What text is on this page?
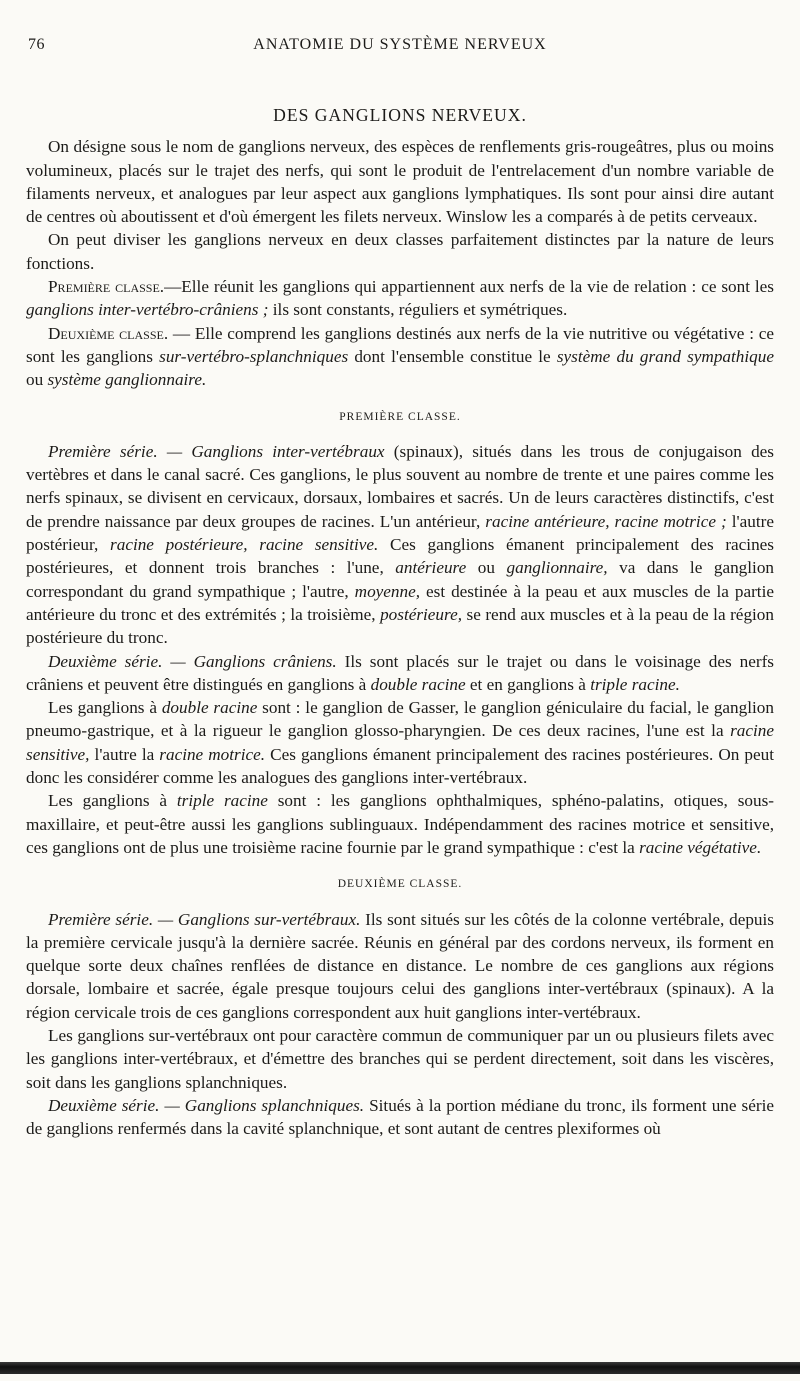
76	ANATOMIE DU SYSTÈME NERVEUX

DES GANGLIONS NERVEUX.

On désigne sous le nom de ganglions nerveux, des espèces de renflements gris-rougeâtres, plus ou moins volumineux, placés sur le trajet des nerfs, qui sont le produit de l'entrelacement d'un nombre variable de filaments nerveux, et analogues par leur aspect aux ganglions lymphatiques. Ils sont pour ainsi dire autant de centres où aboutissent et d'où émergent les filets nerveux. Winslow les a comparés à de petits cerveaux.

On peut diviser les ganglions nerveux en deux classes parfaitement distinctes par la nature de leurs fonctions.

Première classe.—Elle réunit les ganglions qui appartiennent aux nerfs de la vie de relation : ce sont les ganglions inter-vertébro-crâniens ; ils sont constants, réguliers et symétriques.

Deuxième classe. — Elle comprend les ganglions destinés aux nerfs de la vie nutritive ou végétative : ce sont les ganglions sur-vertébro-splanchniques dont l'ensemble constitue le système du grand sympathique ou système ganglionnaire.

PREMIÈRE CLASSE.

Première série. — Ganglions inter-vertébraux (spinaux), situés dans les trous de conjugaison des vertèbres et dans le canal sacré. Ces ganglions, le plus souvent au nombre de trente et une paires comme les nerfs spinaux, se divisent en cervicaux, dorsaux, lombaires et sacrés. Un de leurs caractères distinctifs, c'est de prendre naissance par deux groupes de racines. L'un antérieur, racine antérieure, racine motrice ; l'autre postérieur, racine postérieure, racine sensitive. Ces ganglions émanent principalement des racines postérieures, et donnent trois branches : l'une, antérieure ou ganglionnaire, va dans le ganglion correspondant du grand sympathique ; l'autre, moyenne, est destinée à la peau et aux muscles de la partie antérieure du tronc et des extrémités ; la troisième, postérieure, se rend aux muscles et à la peau de la région postérieure du tronc.

Deuxième série. — Ganglions crâniens. Ils sont placés sur le trajet ou dans le voisinage des nerfs crâniens et peuvent être distingués en ganglions à double racine et en ganglions à triple racine.

Les ganglions à double racine sont : le ganglion de Gasser, le ganglion géniculaire du facial, le ganglion pneumo-gastrique, et à la rigueur le ganglion glosso-pharyngien. De ces deux racines, l'une est la racine sensitive, l'autre la racine motrice. Ces ganglions émanent principalement des racines postérieures. On peut donc les considérer comme les analogues des ganglions inter-vertébraux.

Les ganglions à triple racine sont : les ganglions ophthalmiques, sphéno-palatins, otiques, sous-maxillaire, et peut-être aussi les ganglions sublinguaux. Indépendamment des racines motrice et sensitive, ces ganglions ont de plus une troisième racine fournie par le grand sympathique : c'est la racine végétative.

DEUXIÈME CLASSE.

Première série. — Ganglions sur-vertébraux. Ils sont situés sur les côtés de la colonne vertébrale, depuis la première cervicale jusqu'à la dernière sacrée. Réunis en général par des cordons nerveux, ils forment en quelque sorte deux chaînes renflées de distance en distance. Le nombre de ces ganglions aux régions dorsale, lombaire et sacrée, égale presque toujours celui des ganglions inter-vertébraux (spinaux). A la région cervicale trois de ces ganglions correspondent aux huit ganglions inter-vertébraux.

Les ganglions sur-vertébraux ont pour caractère commun de communiquer par un ou plusieurs filets avec les ganglions inter-vertébraux, et d'émettre des branches qui se perdent directement, soit dans les viscères, soit dans les ganglions splanchniques.

Deuxième série. — Ganglions splanchniques. Situés à la portion médiane du tronc, ils forment une série de ganglions renfermés dans la cavité splanchnique, et sont autant de centres plexiformes où
